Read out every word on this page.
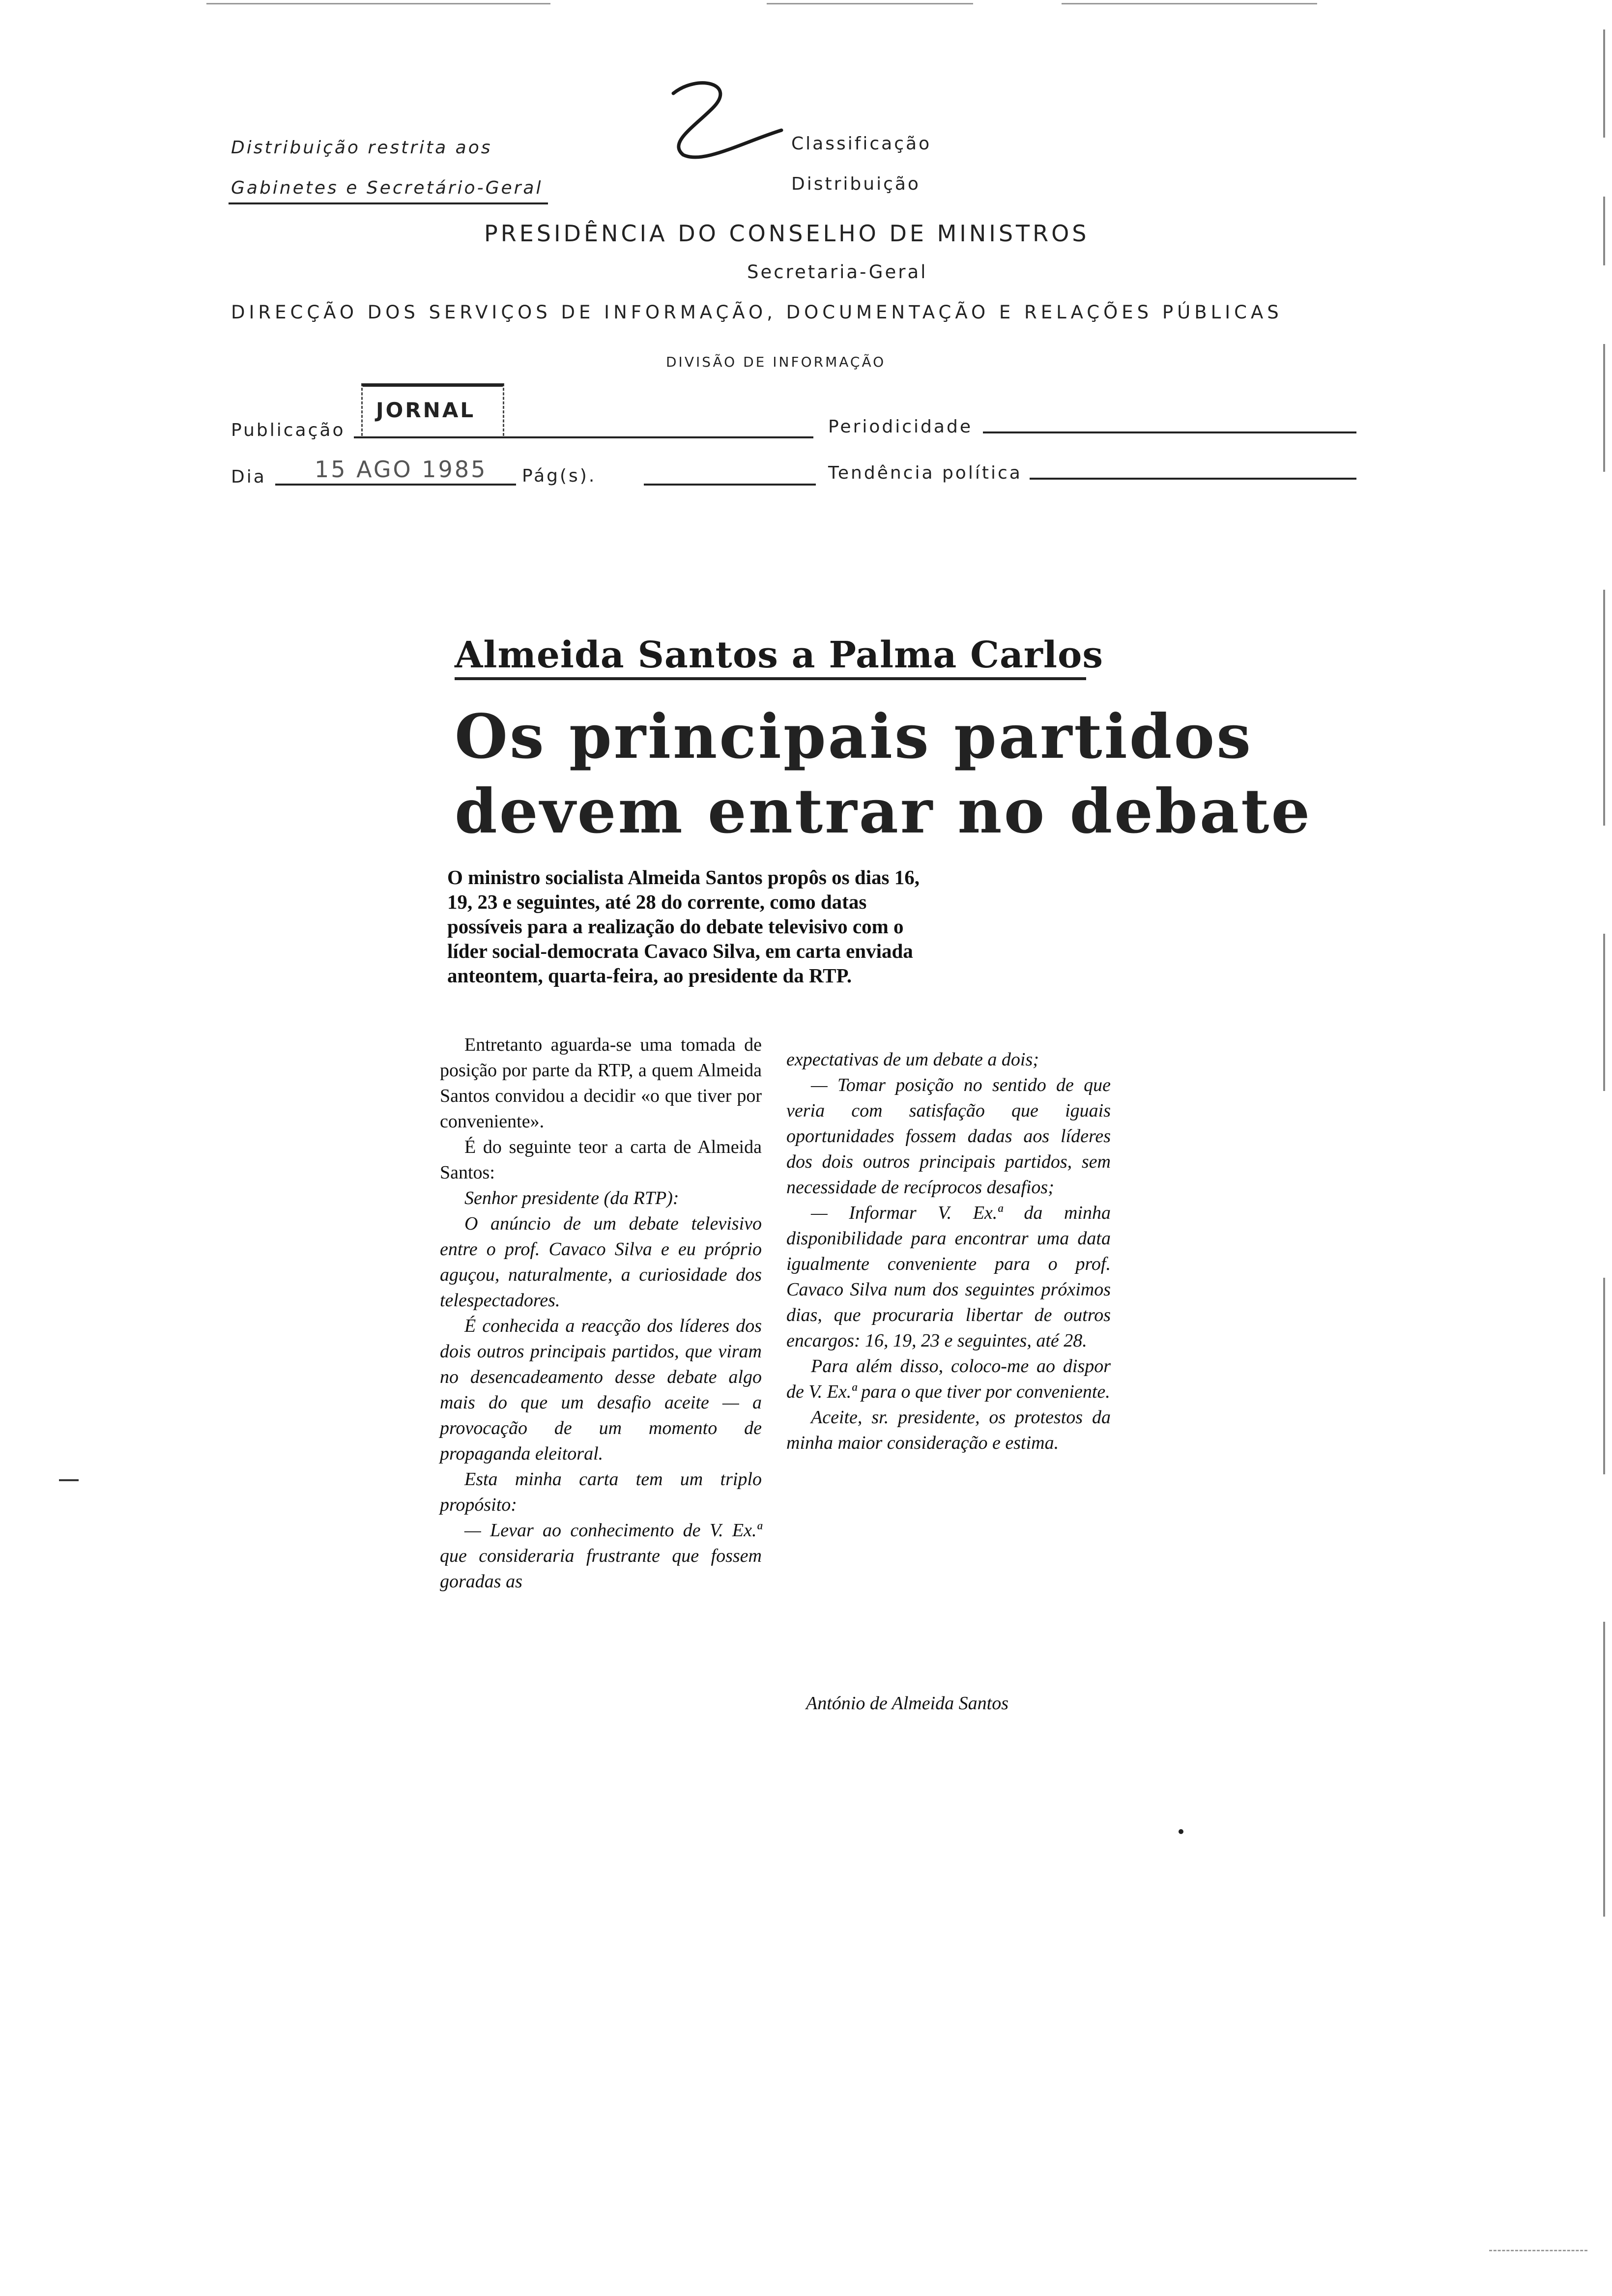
Distribuição restrita aos
Gabinetes e Secretário-Geral
Classificação
Distribuição
PRESIDÊNCIA DO CONSELHO DE MINISTROS
Secretaria-Geral
DIRECÇÃO DOS SERVIÇOS DE INFORMAÇÃO, DOCUMENTAÇÃO E RELAÇÕES PÚBLICAS
DIVISÃO DE INFORMAÇÃO
JORNAL
Publicação	Periodicidade
Dia 15 AGO 1985 Pág(s).	Tendência política
Almeida Santos a Palma Carlos
Os principais partidos
devem entrar no debate
O ministro socialista Almeida Santos propôs os dias 16,
19, 23 e seguintes, até 28 do corrente, como datas
possíveis para a realização do debate televisivo com o
líder social-democrata Cavaco Silva, em carta enviada
anteontem, quarta-feira, ao presidente da RTP.

Entretanto aguarda-se uma tomada de posição por parte da RTP, a quem Almeida Santos convidou a decidir «o que tiver por conveniente».

É do seguinte teor a carta de Almeida Santos:

Senhor presidente (da RTP):

O anúncio de um debate televisivo entre o prof. Cavaco Silva e eu próprio aguçou, naturalmente, a curiosidade dos telespectadores.

É conhecida a reacção dos líderes dos dois outros principais partidos, que viram no desencadeamento desse debate algo mais do que um desafio aceite — a provocação de um momento de propaganda eleitoral.

Esta minha carta tem um triplo propósito:

— Levar ao conhecimento de V. Ex.ª que consideraria frustrante que fossem goradas as

expectativas de um debate a dois;

— Tomar posição no sentido de que veria com satisfação que iguais oportunidades fossem dadas aos líderes dos dois outros principais partidos, sem necessidade de recíprocos desafios;

— Informar V. Ex.ª da minha disponibilidade para encontrar uma data igualmente conveniente para o prof. Cavaco Silva num dos seguintes próximos dias, que procuraria libertar de outros encargos: 16, 19, 23 e seguintes, até 28.

Para além disso, coloco-me ao dispor de V. Ex.ª para o que tiver por conveniente.

Aceite, sr. presidente, os protestos da minha maior consideração e estima.

António de Almeida Santos
